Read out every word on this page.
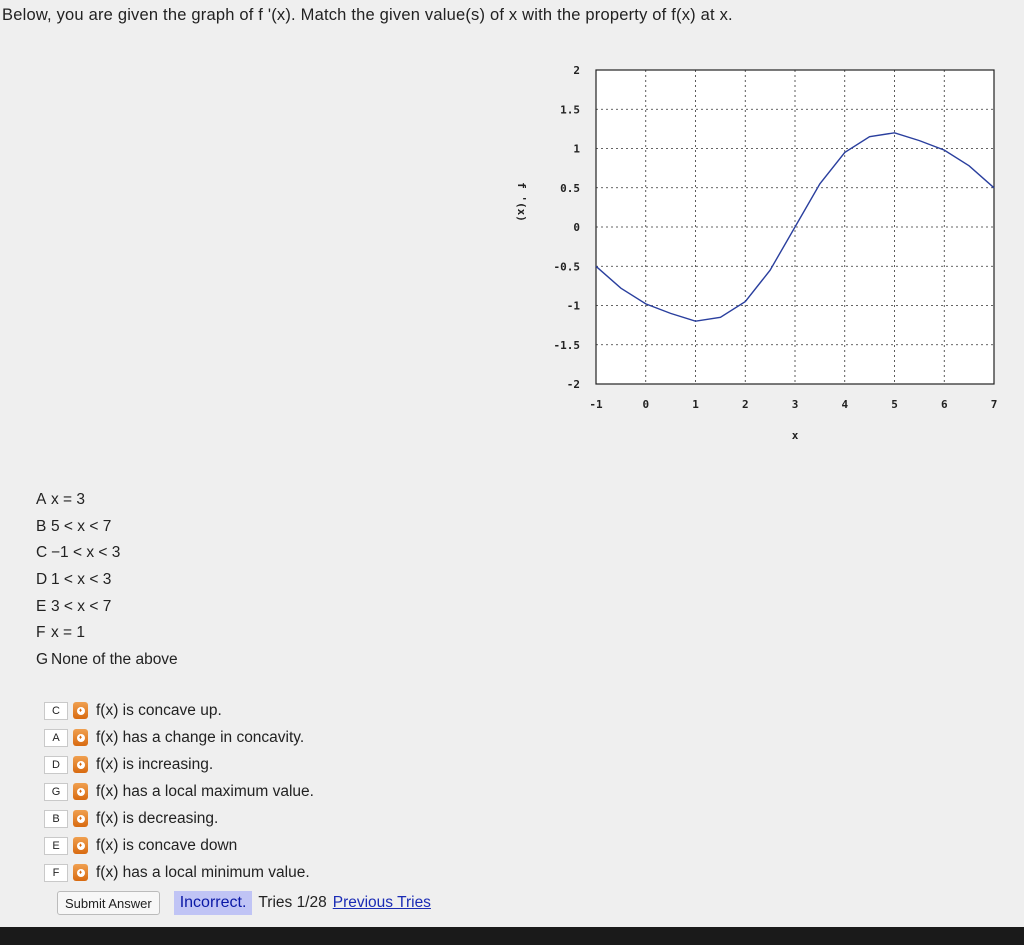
Below, you are given the graph of f '(x). Match the given value(s) of x with the property of f(x) at x.
-1	0	1	2	3	4	5	6	7
2
1.5
1
0.5
0
-0.5
-1
-1.5
-2
x
f '(x)
A x = 3
B 5 < x < 7
C −1 < x < 3
D 1 < x < 3
E 3 < x < 7
F x = 1
G None of the above
C	♦ f(x) is concave up.
A	♦ f(x) has a change in concavity.
D	♦ f(x) is increasing.
G	♦ f(x) has a local maximum value.
B	♦ f(x) is decreasing.
E	♦ f(x) is concave down
F	♦ f(x) has a local minimum value.
Submit Answer	Incorrect. Tries 1/28 Previous Tries
